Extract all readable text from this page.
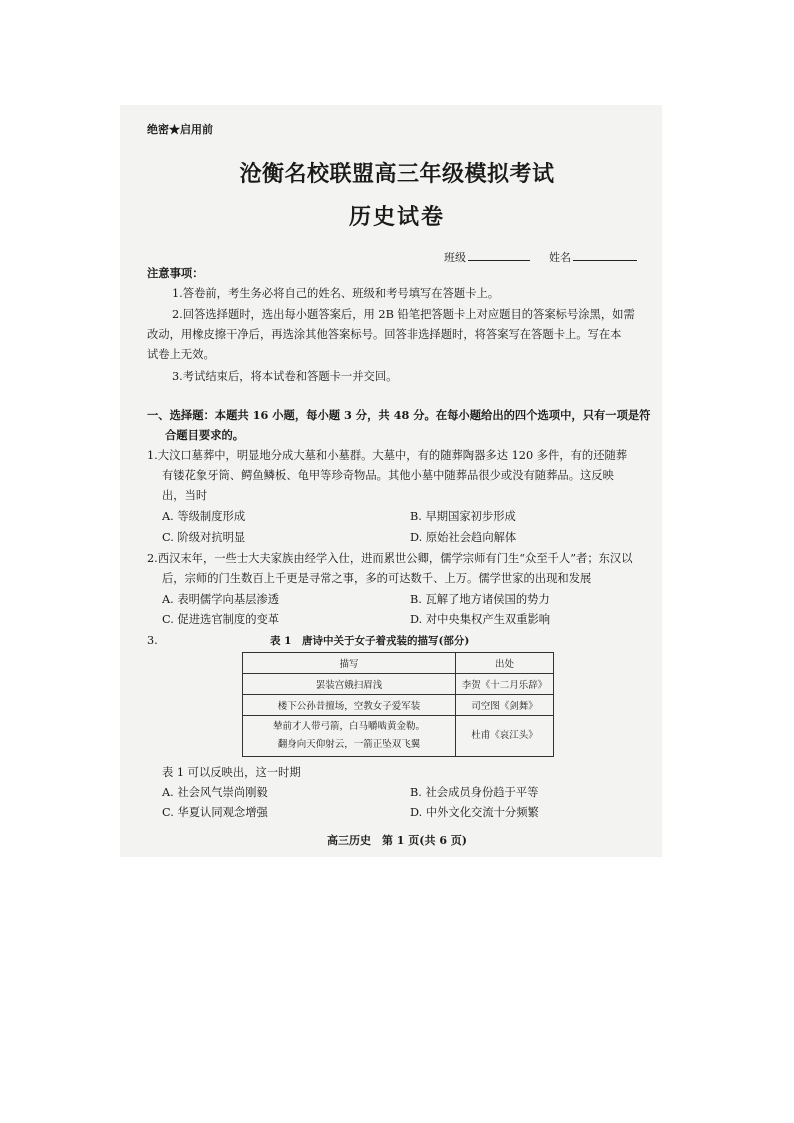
绝密★启用前
沧衡名校联盟高三年级模拟考试
历史试卷
班级	姓名
注意事项：
1.答卷前，考生务必将自己的姓名、班级和考号填写在答题卡上。
2.回答选择题时，选出每小题答案后，用 2B 铅笔把答题卡上对应题目的答案标号涂黑，如需
改动，用橡皮擦干净后，再选涂其他答案标号。回答非选择题时，将答案写在答题卡上。写在本
试卷上无效。
3.考试结束后，将本试卷和答题卡一并交回。
一、选择题：本题共 16 小题，每小题 3 分，共 48 分。在每小题给出的四个选项中，只有一项是符
合题目要求的。
1.大汶口墓葬中，明显地分成大墓和小墓群。大墓中，有的随葬陶器多达 120 多件，有的还随葬
有镂花象牙筒、鳄鱼鳞板、龟甲等珍奇物品。其他小墓中随葬品很少或没有随葬品。这反映
出，当时
A. 等级制度形成	B. 早期国家初步形成
C. 阶级对抗明显	D. 原始社会趋向解体
2.西汉末年，一些士大夫家族由经学入仕，进而累世公卿，儒学宗师有门生“众至千人”者；东汉以
后，宗师的门生数百上千更是寻常之事，多的可达数千、上万。儒学世家的出现和发展
A. 表明儒学向基层渗透	B. 瓦解了地方诸侯国的势力
C. 促进选官制度的变革	D. 对中央集权产生双重影响
3.	表 1　唐诗中关于女子着戎装的描写(部分)
描写	出处
罢装宫娥扫眉浅	李贺《十二月乐辞》
楼下公孙昔擅场，空教女子爱军装	司空图《剑舞》

辇前才人带弓箭，白马嚼啮黄金勒。
翻身向天仰射云，一箭正坠双飞翼	杜甫《哀江头》
表 1 可以反映出，这一时期
A. 社会风气崇尚刚毅	B. 社会成员身份趋于平等
C. 华夏认同观念增强	D. 中外文化交流十分频繁
高三历史　第 1 页(共 6 页)
